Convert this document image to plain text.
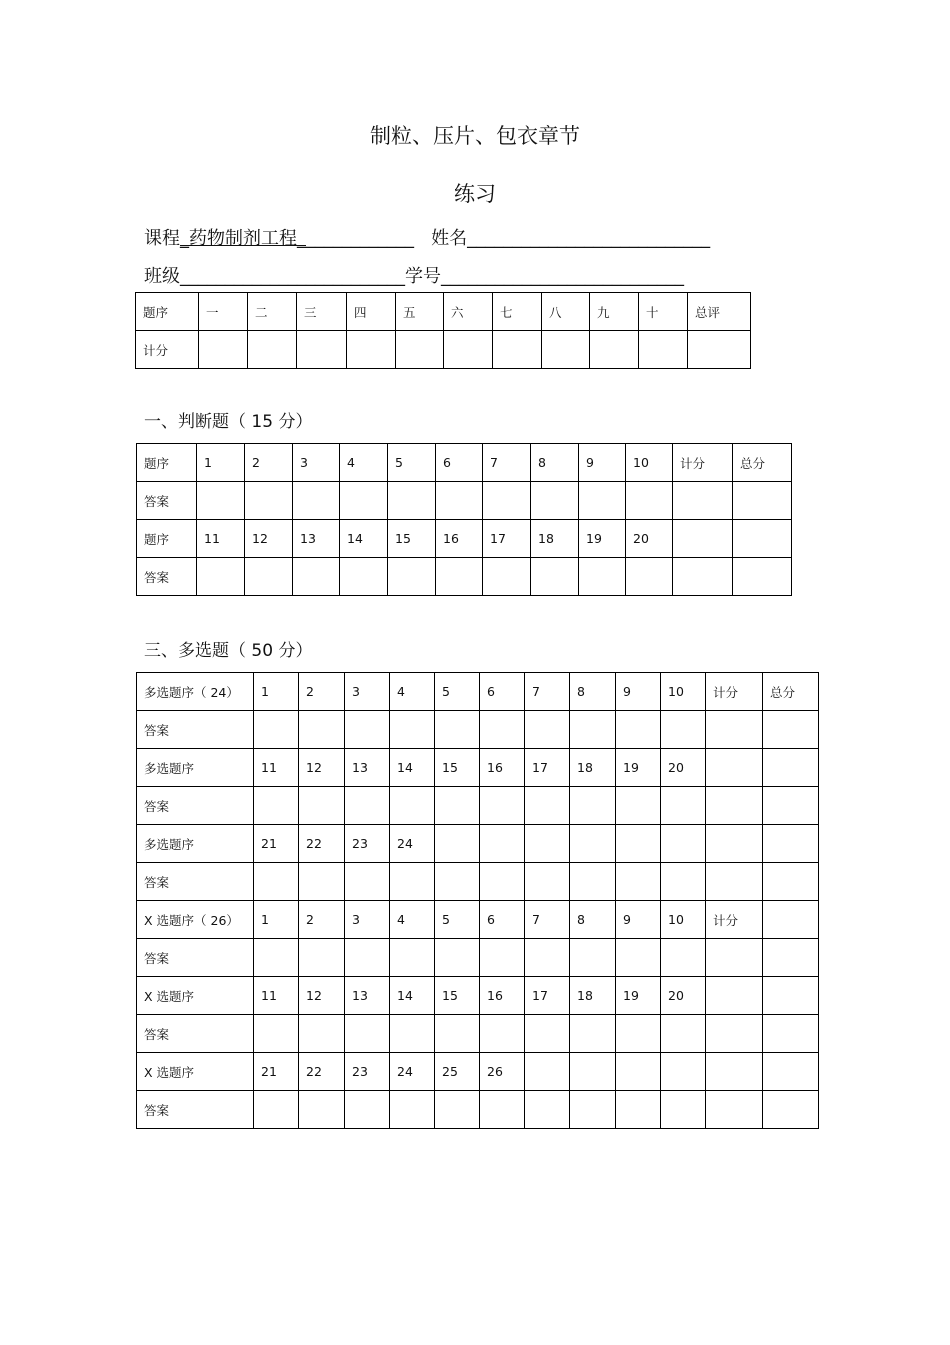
制粒、压片、包衣章节
练习
课程_药物制剂工程_____________ 姓名___________________________
班级_________________________学号___________________________
题序	一	二	三	四	五	六	七	八	九	十	总评
计分											
一、判断题（ 15 分）
题序	1	2	3	4	5	6	7	8	9	10	计分	总分
答案												
题序	11	12	13	14	15	16	17	18	19	20		
答案												
三、多选题（ 50 分）
多选题序（ 24）	1	2	3	4	5	6	7	8	9	10	计分	总分
答案												
多选题序	11	12	13	14	15	16	17	18	19	20		
答案												
多选题序	21	22	23	24								
答案												
X 选题序（ 26）	1	2	3	4	5	6	7	8	9	10	计分	
答案												
X 选题序	11	12	13	14	15	16	17	18	19	20		
答案												
X 选题序	21	22	23	24	25	26						
答案												
